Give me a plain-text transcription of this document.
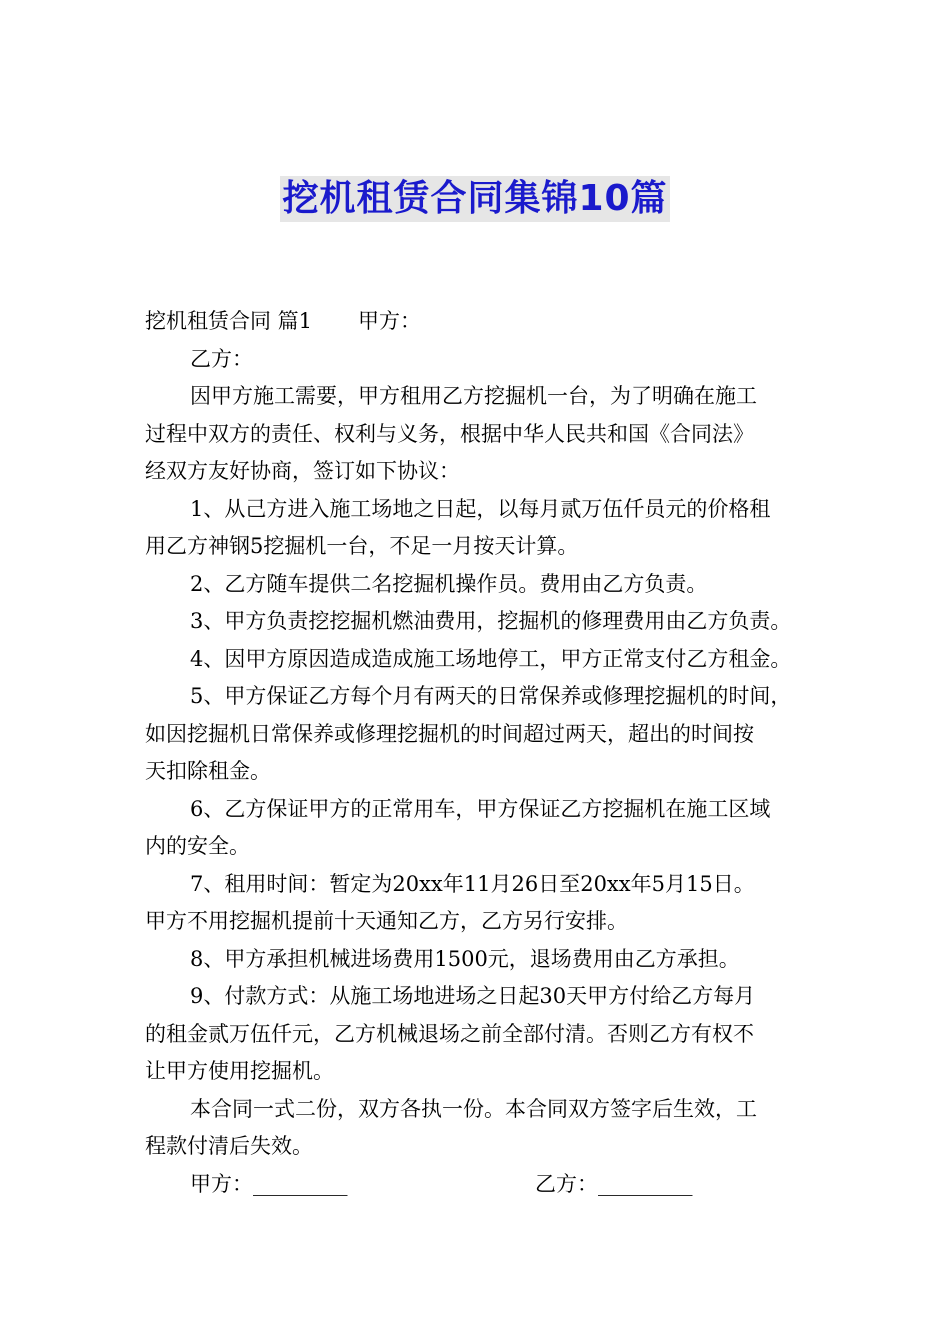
挖机租赁合同集锦10篇
挖机租赁合同 篇1 甲方：
乙方：
因甲方施工需要，甲方租用乙方挖掘机一台，为了明确在施工
过程中双方的责任、权利与义务，根据中华人民共和国《合同法》
经双方友好协商，签订如下协议：
1、从己方进入施工场地之日起，以每月贰万伍仟员元的价格租
用乙方神钢5挖掘机一台，不足一月按天计算。
2、乙方随车提供二名挖掘机操作员。费用由乙方负责。
3、甲方负责挖挖掘机燃油费用，挖掘机的修理费用由乙方负责。
4、因甲方原因造成造成施工场地停工，甲方正常支付乙方租金。
5、甲方保证乙方每个月有两天的日常保养或修理挖掘机的时间，
如因挖掘机日常保养或修理挖掘机的时间超过两天，超出的时间按
天扣除租金。
6、乙方保证甲方的正常用车，甲方保证乙方挖掘机在施工区域
内的安全。
7、租用时间：暂定为20xx年11月26日至20xx年5月15日。
甲方不用挖掘机提前十天通知乙方，乙方另行安排。
8、甲方承担机械进场费用1500元，退场费用由乙方承担。
9、付款方式：从施工场地进场之日起30天甲方付给乙方每月
的租金贰万伍仟元，乙方机械退场之前全部付清。否则乙方有权不
让甲方使用挖掘机。
本合同一式二份，双方各执一份。本合同双方签字后生效，工
程款付清后失效。
甲方：_________	乙方：_________
